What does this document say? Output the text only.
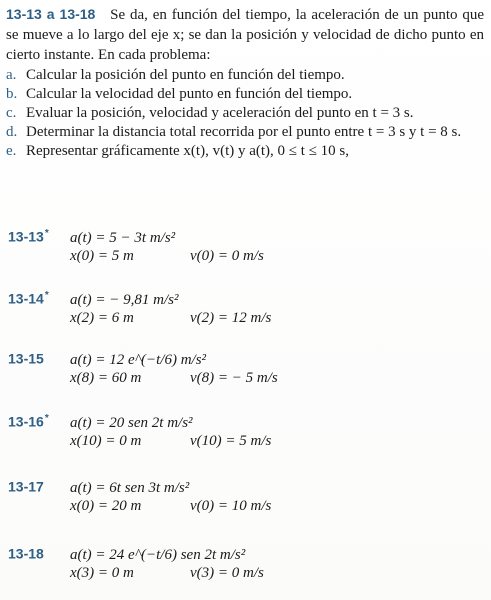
13-13 a 13-18 Se da, en función del tiempo, la aceleración de un punto que se mueve a lo largo del eje x; se dan la posición y velocidad de dicho punto en cierto instante. En cada problema:
a. Calcular la posición del punto en función del tiempo.
b. Calcular la velocidad del punto en función del tiempo.
c. Evaluar la posición, velocidad y aceleración del punto en t = 3 s.
d. Determinar la distancia total recorrida por el punto entre t = 3 s y t = 8 s.
e. Representar gráficamente x(t), v(t) y a(t), 0 ≤ t ≤ 10 s,
13-13*	a(t) = 5 − 3t m/s²
x(0) = 5 m	v(0) = 0 m/s
13-14*	a(t) = − 9,81 m/s²
x(2) = 6 m	v(2) = 12 m/s
13-15	a(t) = 12 e^(−t/6) m/s²
x(8) = 60 m	v(8) = − 5 m/s
13-16*	a(t) = 20 sen 2t m/s²
x(10) = 0 m	v(10) = 5 m/s
13-17	a(t) = 6t sen 3t m/s²
x(0) = 20 m	v(0) = 10 m/s
13-18	a(t) = 24 e^(−t/6) sen 2t m/s²
x(3) = 0 m	v(3) = 0 m/s
